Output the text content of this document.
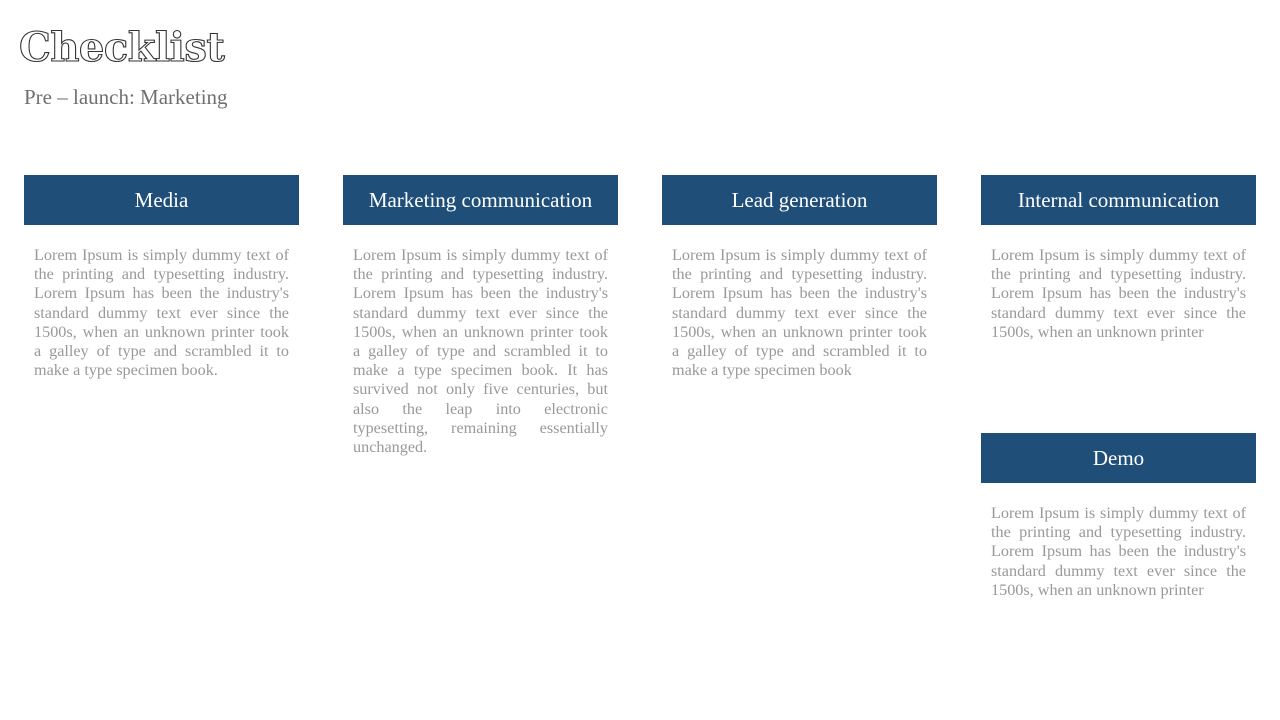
Checklist

Pre – launch: Marketing

Media
Lorem Ipsum is simply dummy text of the printing and typesetting industry. Lorem Ipsum has been the industry's standard dummy text ever since the 1500s, when an unknown printer took a galley of type and scrambled it to make a type specimen book.
Marketing communication
Lorem Ipsum is simply dummy text of the printing and typesetting industry. Lorem Ipsum has been the industry's standard dummy text ever since the 1500s, when an unknown printer took a galley of type and scrambled it to make a type specimen book. It has survived not only five centuries, but also the leap into electronic typesetting, remaining essentially unchanged.
Lead generation
Lorem Ipsum is simply dummy text of the printing and typesetting industry. Lorem Ipsum has been the industry's standard dummy text ever since the 1500s, when an unknown printer took a galley of type and scrambled it to make a type specimen book
Internal communication
Lorem Ipsum is simply dummy text of the printing and typesetting industry. Lorem Ipsum has been the industry's standard dummy text ever since the 1500s, when an unknown printer
Demo
Lorem Ipsum is simply dummy text of the printing and typesetting industry. Lorem Ipsum has been the industry's standard dummy text ever since the 1500s, when an unknown printer
